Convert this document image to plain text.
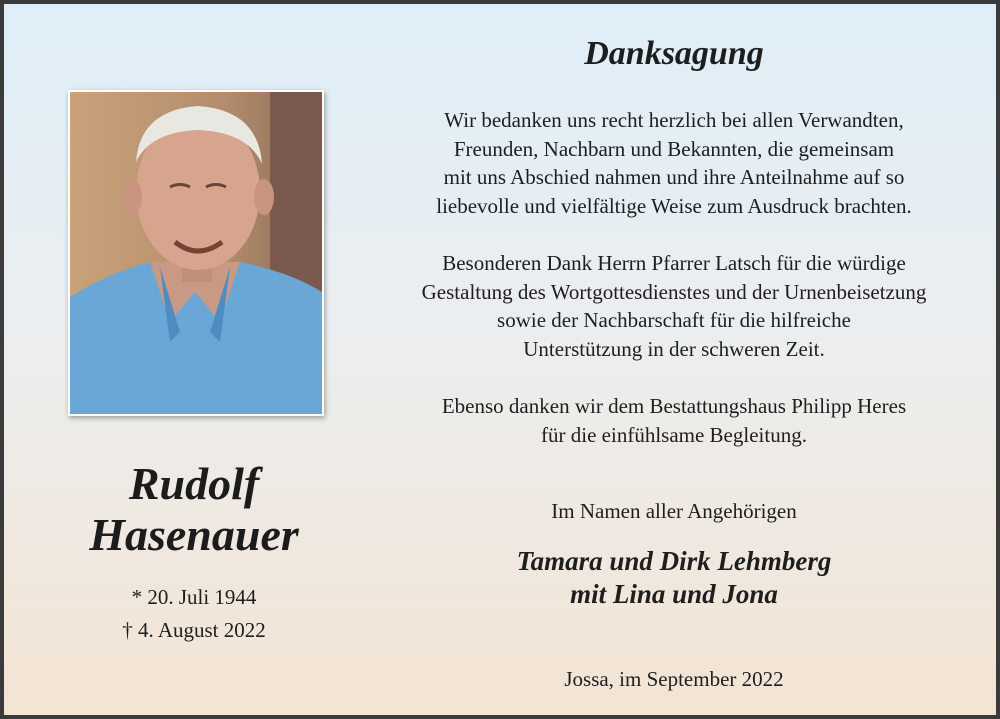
Rudolf
Hasenauer
* 20. Juli 1944
† 4. August 2022
Danksagung
Wir bedanken uns recht herzlich bei allen Verwandten,
Freunden, Nachbarn und Bekannten, die gemeinsam
mit uns Abschied nahmen und ihre Anteilnahme auf so
liebevolle und vielfältige Weise zum Ausdruck brachten.
Besonderen Dank Herrn Pfarrer Latsch für die würdige
Gestaltung des Wortgottesdienstes und der Urnenbeisetzung
sowie der Nachbarschaft für die hilfreiche
Unterstützung in der schweren Zeit.
Ebenso danken wir dem Bestattungshaus Philipp Heres
für die einfühlsame Begleitung.
Im Namen aller Angehörigen
Tamara und Dirk Lehmberg
mit Lina und Jona
Jossa, im September 2022
